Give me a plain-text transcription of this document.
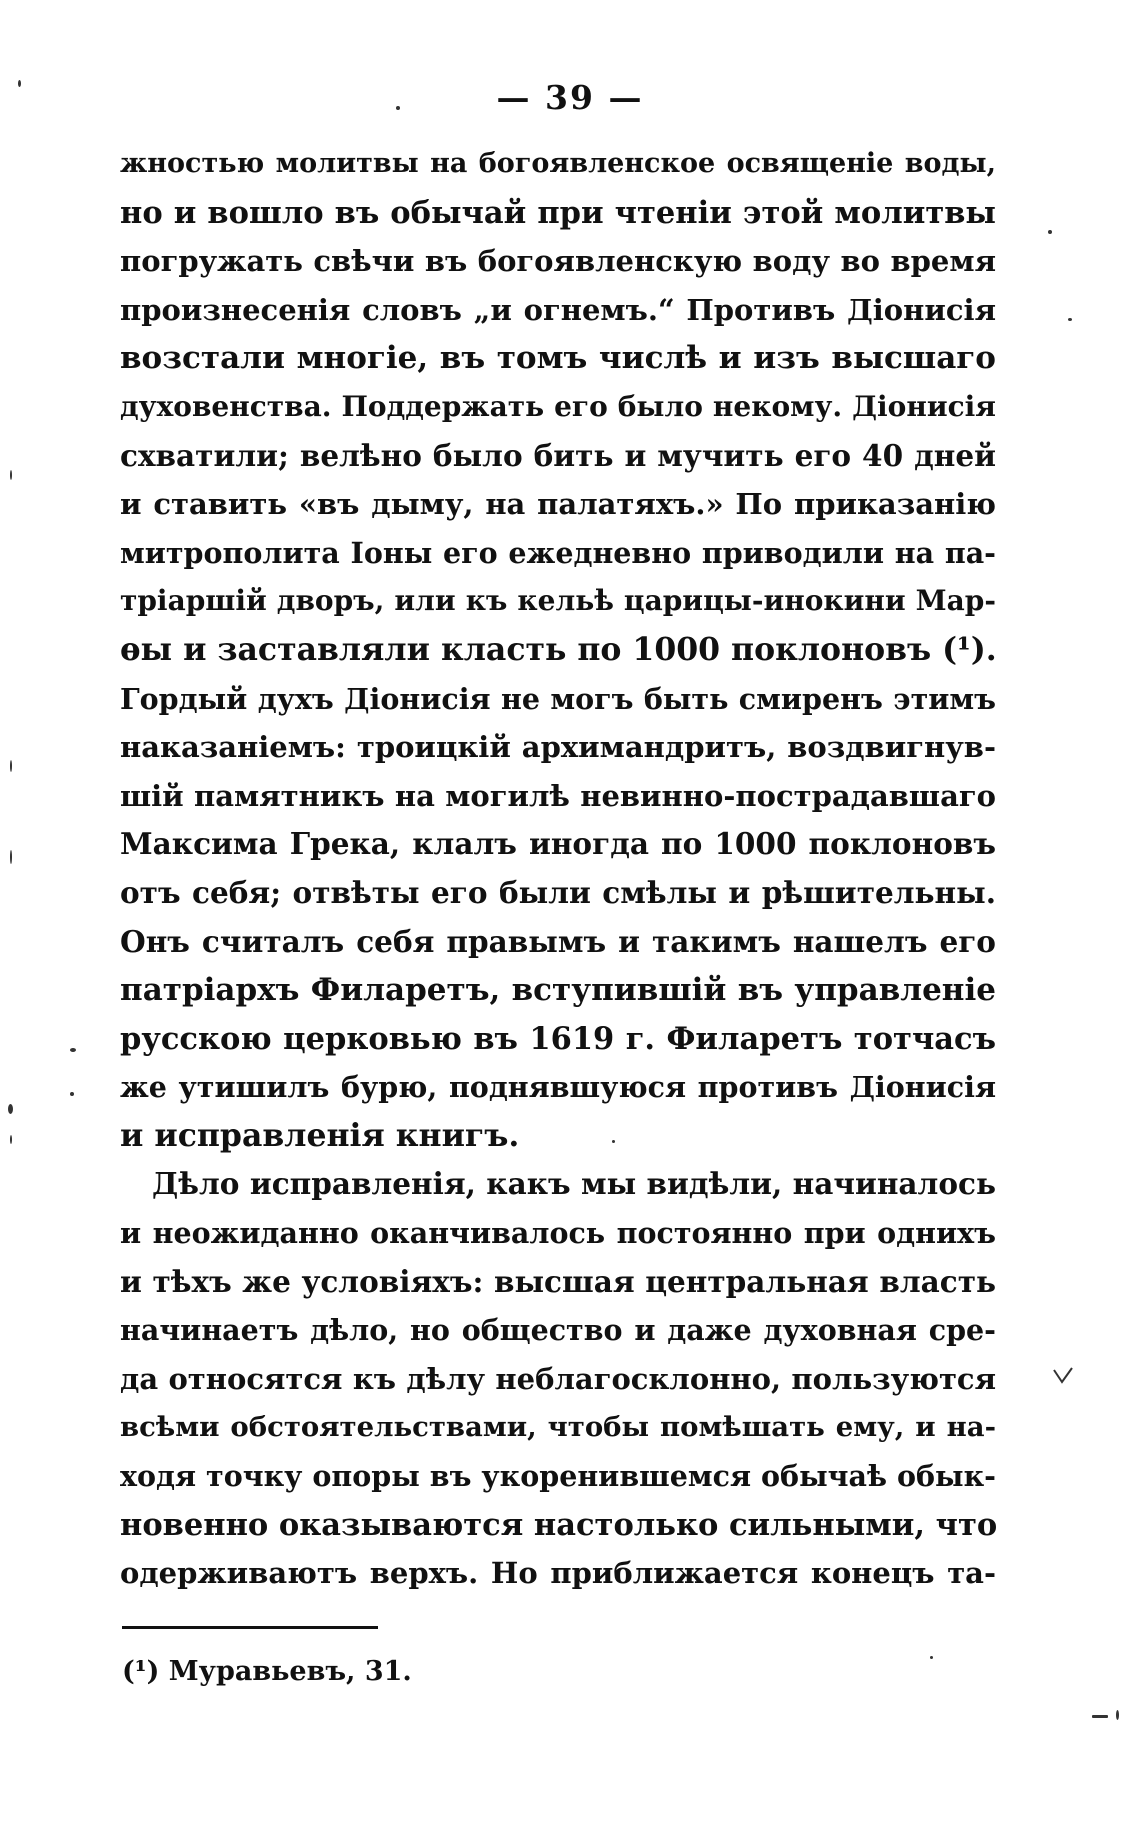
— 39 —
жностью молитвы на богоявленское освященіе воды,
но и вошло въ обычай при чтеніи этой молитвы
погружать свѣчи въ богоявленскую воду во время
произнесенія словъ „и огнемъ.“ Противъ Діонисія
возстали многіе, въ томъ числѣ и изъ высшаго
духовенства. Поддержать его было некому. Діонисія
схватили; велѣно было бить и мучить его 40 дней
и ставить «въ дыму, на палатяхъ.» По приказанію
митрополита Іоны его ежедневно приводили на па-
тріаршій дворъ, или къ кельѣ царицы-инокини Мар-
ѳы и заставляли класть по 1000 поклоновъ (¹).
Гордый духъ Діонисія не могъ быть смиренъ этимъ
наказаніемъ: троицкій архимандритъ, воздвигнув-
шій памятникъ на могилѣ невинно-пострадавшаго
Максима Грека, клалъ иногда по 1000 поклоновъ
отъ себя; отвѣты его были смѣлы и рѣшительны.
Онъ считалъ себя правымъ и такимъ нашелъ его
патріархъ Филаретъ, вступившій въ управленіе
русскою церковью въ 1619 г. Филаретъ тотчасъ
же утишилъ бурю, поднявшуюся противъ Діонисія
и исправленія книгъ.
Дѣло исправленія, какъ мы видѣли, начиналось
и неожиданно оканчивалось постоянно при однихъ
и тѣхъ же условіяхъ: высшая центральная власть
начинаетъ дѣло, но общество и даже духовная сре-
да относятся къ дѣлу неблагосклонно, пользуются
всѣми обстоятельствами, чтобы помѣшать ему, и на-
ходя точку опоры въ укоренившемся обычаѣ обык-
новенно оказываются настолько сильными, что
одерживаютъ верхъ. Но приближается конецъ та-
(¹) Муравьевъ, 31.
